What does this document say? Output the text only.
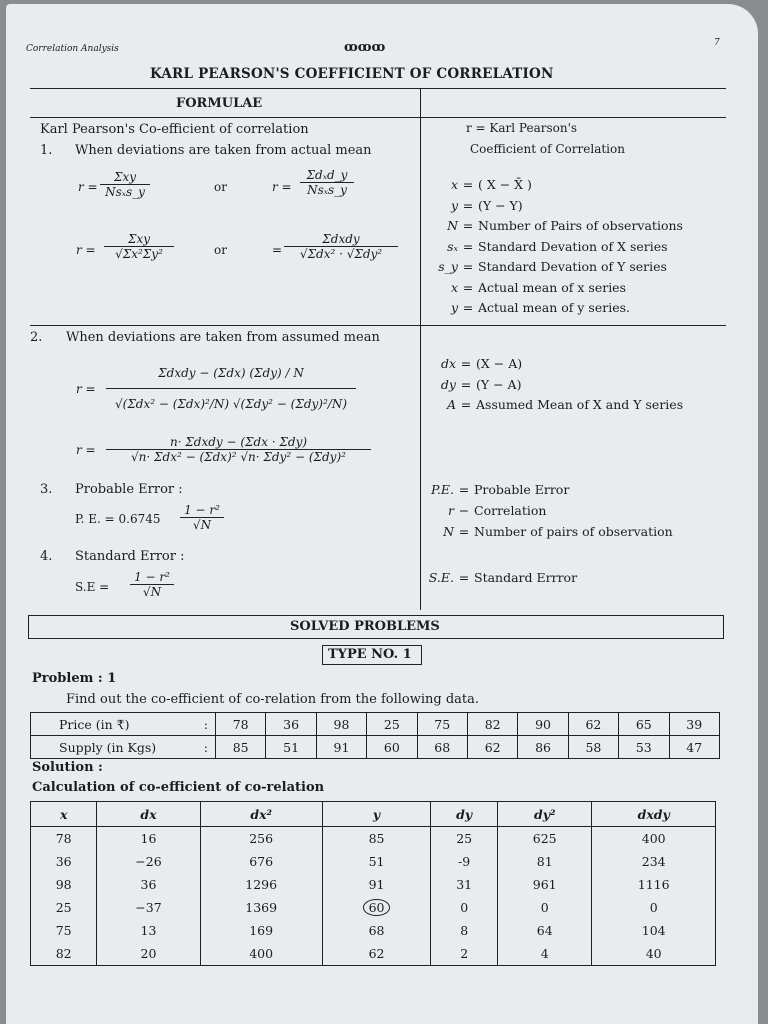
Correlation Analysis	ꝏꝏꝏ	7
KARL PEARSON'S COEFFICIENT OF CORRELATION
FORMULAE
Karl Pearson's Co-efficient of correlation
1. When deviations are taken from actual mean
r =
Σxy
Nsₓs_y	or	r =
Σdₓd_y
Nsₓs_y
r =
Σxy
√Σx²Σy²	or	=
Σdxdy
√Σdx² · √Σdy²
2. When deviations are taken from assumed mean
r =
Σdxdy − (Σdx) (Σdy) / N
√(Σdx² − (Σdx)²/N) √(Σdy² − (Σdy)²/N)
r =
n· Σdxdy − (Σdx · Σdy)
√n· Σdx² − (Σdx)² √n· Σdy² − (Σdy)²
3. Probable Error :
P. E. = $0.6745 \frac{\text{1 − r²}}{√N}$
4. Standard Error :
$S.E = \frac{\text{1 − r²}}{√N}$
r = Karl Pearson's
Coefficient of Correlation
x = ( X − X̄ )
y = (Y − Y)
N = Number of Pairs of observations
sₓ = Standard Devation of X series
s_y = Standard Devation of Y series
x = Actual mean of x series
y = Actual mean of y series.
dx = (X − A)
dy = (Y − A)
A = Assumed Mean of X and Y series
P.E. = Probable Error
r − Correlation
N = Number of pairs of observation
S.E. = Standard Errror
SOLVED PROBLEMS
TYPE NO. 1
Problem : 1
Find out the co-efficient of co-relation from the following data.
Price (in ₹) :	78	36	98	25	75	82	90	62	65	39
Supply (in Kgs) :	85	51	91	60	68	62	86	58	53	47
Solution :
Calculation of co-efficient of co-relation
x	dx	dx²	y	dy	dy²	dxdy
78	16	256	85	25	625	400
36	−26	676	51	-9	81	234
98	36	1296	91	31	961	1116
25	−37	1369	60	0	0	0
75	13	169	68	8	64	104
82	20	400	62	2	4	40
